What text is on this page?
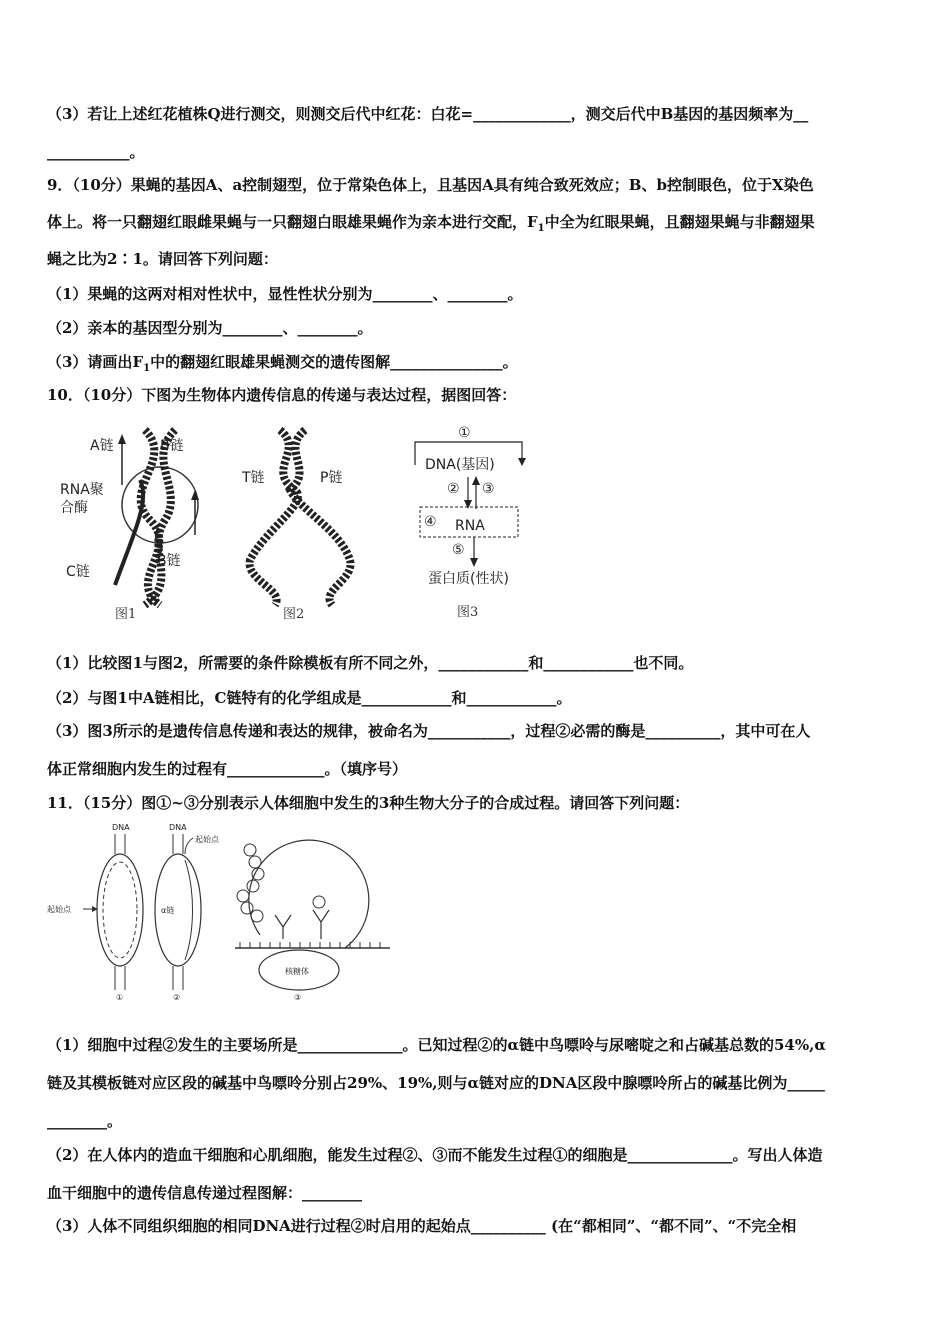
（3）若让上述红花植株Q进行测交，则测交后代中红花：白花=_____________，测交后代中B基因的基因频率为__
___________。
9．（10分）果蝇的基因A、a控制翅型，位于常染色体上，且基因A具有纯合致死效应；B、b控制眼色，位于X染色
体上。将一只翻翅红眼雌果蝇与一只翻翅白眼雄果蝇作为亲本进行交配，$F_1$中全为红眼果蝇，且翻翅果蝇与非翻翅果
蝇之比为2∶1。请回答下列问题：
（1）果蝇的这两对相对性状中，显性性状分别为________、________。
（2）亲本的基因型分别为________、________。
（3）请画出$F_1$中的翻翅红眼雄果蝇测交的遗传图解_______________。
10．（10分）下图为生物体内遗传信息的传递与表达过程，据图回答：
A链	B链
RNA聚
合酶
C链
B链
图1
T链	P链
图2
①
DNA(基因)
② ③
④ RNA
⑤
蛋白质(性状)
图3
（1）比较图1与图2，所需要的条件除模板有所不同之外，____________和____________也不同。
（2）与图1中A链相比，C链特有的化学组成是____________和____________。
（3）图3所示的是遗传信息传递和表达的规律，被命名为___________，过程②必需的酶是__________，其中可在人
体正常细胞内发生的过程有_____________。（填序号）
11．（15分）图①~③分别表示人体细胞中发生的3种生物大分子的合成过程。请回答下列问题：
DNA
起始点
①
DNA
起始点
α链
②
核糖体
③
（1）细胞中过程②发生的主要场所是______________。已知过程②的α链中鸟嘌呤与尿嘧啶之和占碱基总数的54%,α
链及其模板链对应区段的碱基中鸟嘌呤分别占29%、19%,则与α链对应的DNA区段中腺嘌呤所占的碱基比例为_____
________。
（2）在人体内的造血干细胞和心肌细胞，能发生过程②、③而不能发生过程①的细胞是______________。写出人体造
血干细胞中的遗传信息传递过程图解：________
（3）人体不同组织细胞的相同DNA进行过程②时启用的起始点__________ (在“都相同”、“都不同”、“不完全相
